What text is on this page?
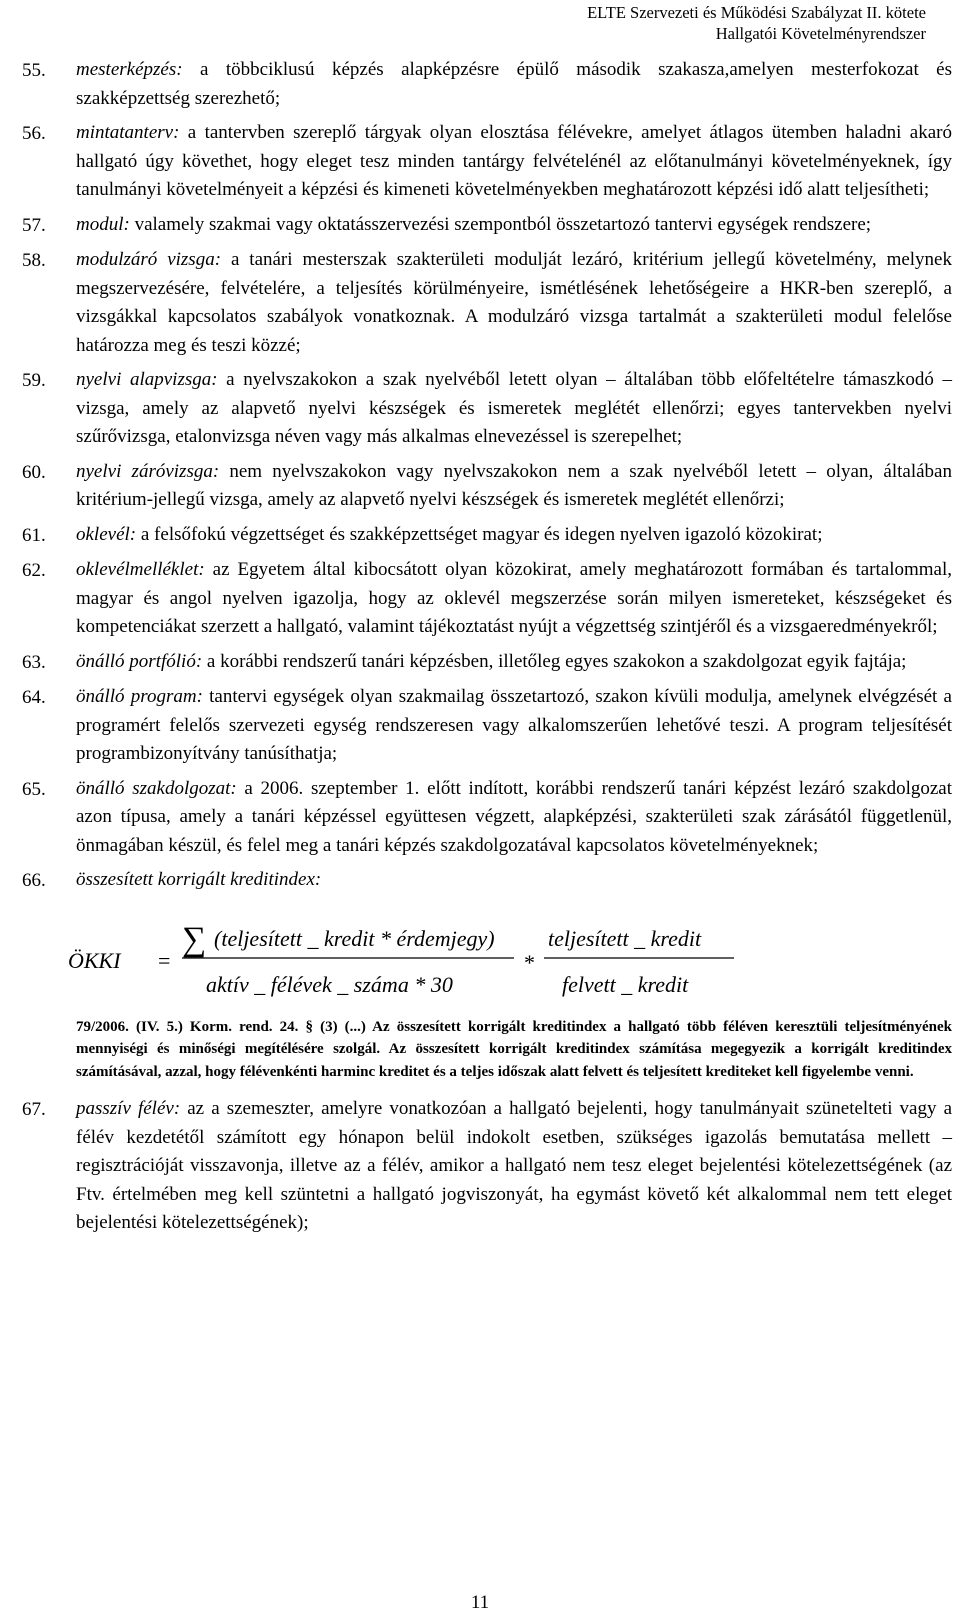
ELTE Szervezeti és Működési Szabályzat II. kötete
Hallgatói Követelményrendszer
55.	mesterképzés: a többciklusú képzés alapképzésre épülő második szakasza,amelyen mesterfokozat és szakképzettség szerezhető;
56.	mintatanterv: a tantervben szereplő tárgyak olyan elosztása félévekre, amelyet átlagos ütemben haladni akaró hallgató úgy követhet, hogy eleget tesz minden tantárgy felvételénél az előtanulmányi követelményeknek, így tanulmányi követelményeit a képzési és kimeneti követelményekben meghatározott képzési idő alatt teljesítheti;
57.	modul: valamely szakmai vagy oktatásszervezési szempontból összetartozó tantervi egységek rendszere;
58.	modulzáró vizsga: a tanári mesterszak szakterületi modulját lezáró, kritérium jellegű követelmény, melynek megszervezésére, felvételére, a teljesítés körülményeire, ismétlésének lehetőségeire a HKR-ben szereplő, a vizsgákkal kapcsolatos szabályok vonatkoznak. A modulzáró vizsga tartalmát a szakterületi modul felelőse határozza meg és teszi közzé;
59.	nyelvi alapvizsga: a nyelvszakokon a szak nyelvéből letett olyan – általában több előfeltételre támaszkodó – vizsga, amely az alapvető nyelvi készségek és ismeretek meglétét ellenőrzi; egyes tantervekben nyelvi szűrővizsga, etalonvizsga néven vagy más alkalmas elnevezéssel is szerepelhet;
60.	nyelvi záróvizsga: nem nyelvszakokon vagy nyelvszakokon nem a szak nyelvéből letett – olyan, általában kritérium-jellegű vizsga, amely az alapvető nyelvi készségek és ismeretek meglétét ellenőrzi;
61.	oklevél: a felsőfokú végzettséget és szakképzettséget magyar és idegen nyelven igazoló közokirat;
62.	oklevélmelléklet: az Egyetem által kibocsátott olyan közokirat, amely meghatározott formában és tartalommal, magyar és angol nyelven igazolja, hogy az oklevél megszerzése során milyen ismereteket, készségeket és kompetenciákat szerzett a hallgató, valamint tájékoztatást nyújt a végzettség szintjéről és a vizsgaeredményekről;
63.	önálló portfólió: a korábbi rendszerű tanári képzésben, illetőleg egyes szakokon a szakdolgozat egyik fajtája;
64.	önálló program: tantervi egységek olyan szakmailag összetartozó, szakon kívüli modulja, amelynek elvégzését a programért felelős szervezeti egység rendszeresen vagy alkalomszerűen lehetővé teszi. A program teljesítését programbizonyítvány tanúsíthatja;
65.	önálló szakdolgozat: a 2006. szeptember 1. előtt indított, korábbi rendszerű tanári képzést lezáró szakdolgozat azon típusa, amely a tanári képzéssel együttesen végzett, alapképzési, szakterületi szak zárásától függetlenül, önmagában készül, és felel meg a tanári képzés szakdolgozatával kapcsolatos követelményeknek;
66.	összesített korrigált kreditindex:
ÖKKI =
∑ (teljesített _ kredit * érdemjegy)
aktív _ félévek _ száma * 30
*
teljesített _ kredit
felvett _ kredit
79/2006. (IV. 5.) Korm. rend. 24. § (3) (...) Az összesített korrigált kreditindex a hallgató több féléven keresztüli teljesítményének mennyiségi és minőségi megítélésére szolgál. Az összesített korrigált kreditindex számítása megegyezik a korrigált kreditindex számításával, azzal, hogy félévenkénti harminc kreditet és a teljes időszak alatt felvett és teljesített krediteket kell figyelembe venni.
67.	passzív félév: az a szemeszter, amelyre vonatkozóan a hallgató bejelenti, hogy tanulmányait szünetelteti vagy a félév kezdetétől számított egy hónapon belül indokolt esetben, szükséges igazolás bemutatása mellett – regisztrációját visszavonja, illetve az a félév, amikor a hallgató nem tesz eleget bejelentési kötelezettségének (az Ftv. értelmében meg kell szüntetni a hallgató jogviszonyát, ha egymást követő két alkalommal nem tett eleget bejelentési kötelezettségének);
11
